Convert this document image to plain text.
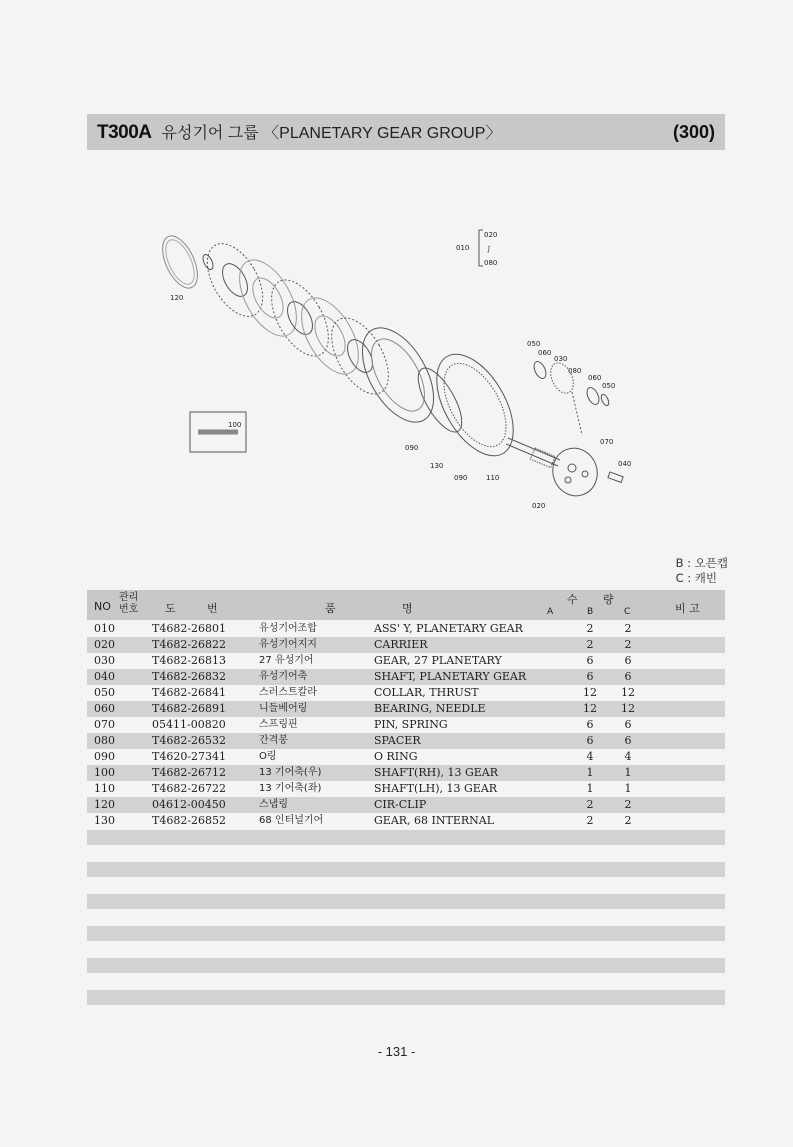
T300A 유성기어 그룹 〈PLANETARY GEAR GROUP〉	(300)
010
020
∫
080
120
100
050
060
030
080
060
050
070
040
090
130
090	110
020
B : 오픈캡
C : 캐빈
NO
관리
번호 도	번	품	명
수 량
A	B	C	비 고
010	T4682-26801	유성기어조합	ASS' Y, PLANETARY GEAR	2	2
020	T4682-26822	유성기어지지	CARRIER	2	2
030	T4682-26813	27 유성기어	GEAR, 27 PLANETARY	6	6
040	T4682-26832	유성기어축	SHAFT, PLANETARY GEAR	6	6
050	T4682-26841	스러스트칼라	COLLAR, THRUST	12	12
060	T4682-26891	니들베어링	BEARING, NEEDLE	12	12
070	05411-00820	스프링핀	PIN, SPRING	6	6
080	T4682-26532	간격봉	SPACER	6	6
090	T4620-27341	O링	O RING	4	4
100	T4682-26712	13 기어축(우)	SHAFT(RH), 13 GEAR	1	1
110	T4682-26722	13 기어축(좌)	SHAFT(LH), 13 GEAR	1	1
120	04612-00450	스냅링	CIR-CLIP	2	2
130	T4682-26852	68 인터널기어	GEAR, 68 INTERNAL	2	2
- 131 -
